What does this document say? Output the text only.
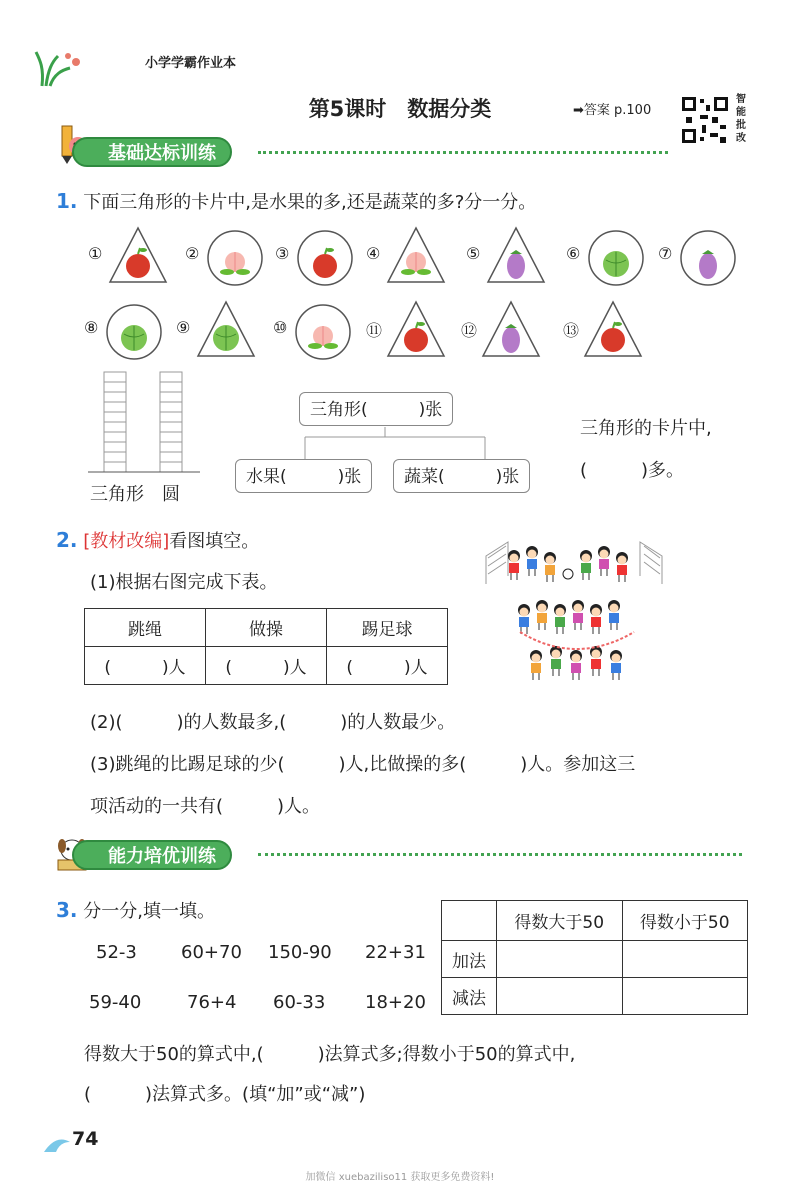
小学学霸作业本
第5课时　数据分类	➡答案 p.100
智能批改
基础达标训练
1. 下面三角形的卡片中,是水果的多,还是蔬菜的多?分一分。
①	②	③	④	⑤	⑥	⑦
⑧	⑨	⑩	⑪	⑫	⑬
三角形　圆
三角形(　　　)张
水果(　　　)张	蔬菜(　　　)张
三角形的卡片中,
(　　　)多。
2. [教材改编]看图填空。
(1)根据右图完成下表。
跳绳	做操	踢足球
(　　　)人	(　　　)人	(　　　)人
(2)(　　　)的人数最多,(　　　)的人数最少。
(3)跳绳的比踢足球的少(　　　)人,比做操的多(　　　)人。参加这三
项活动的一共有(　　　)人。
能力培优训练
3. 分一分,填一填。
52-3 60+70 150-90 22+31
59-40	76+4 60-33 18+20
	得数大于50	得数小于50
加法		
减法		
得数大于50的算式中,(　　　)法算式多;得数小于50的算式中,
(　　　)法算式多。(填“加”或“减”)
74
加微信 xuebazilisо11 获取更多免费资料!
